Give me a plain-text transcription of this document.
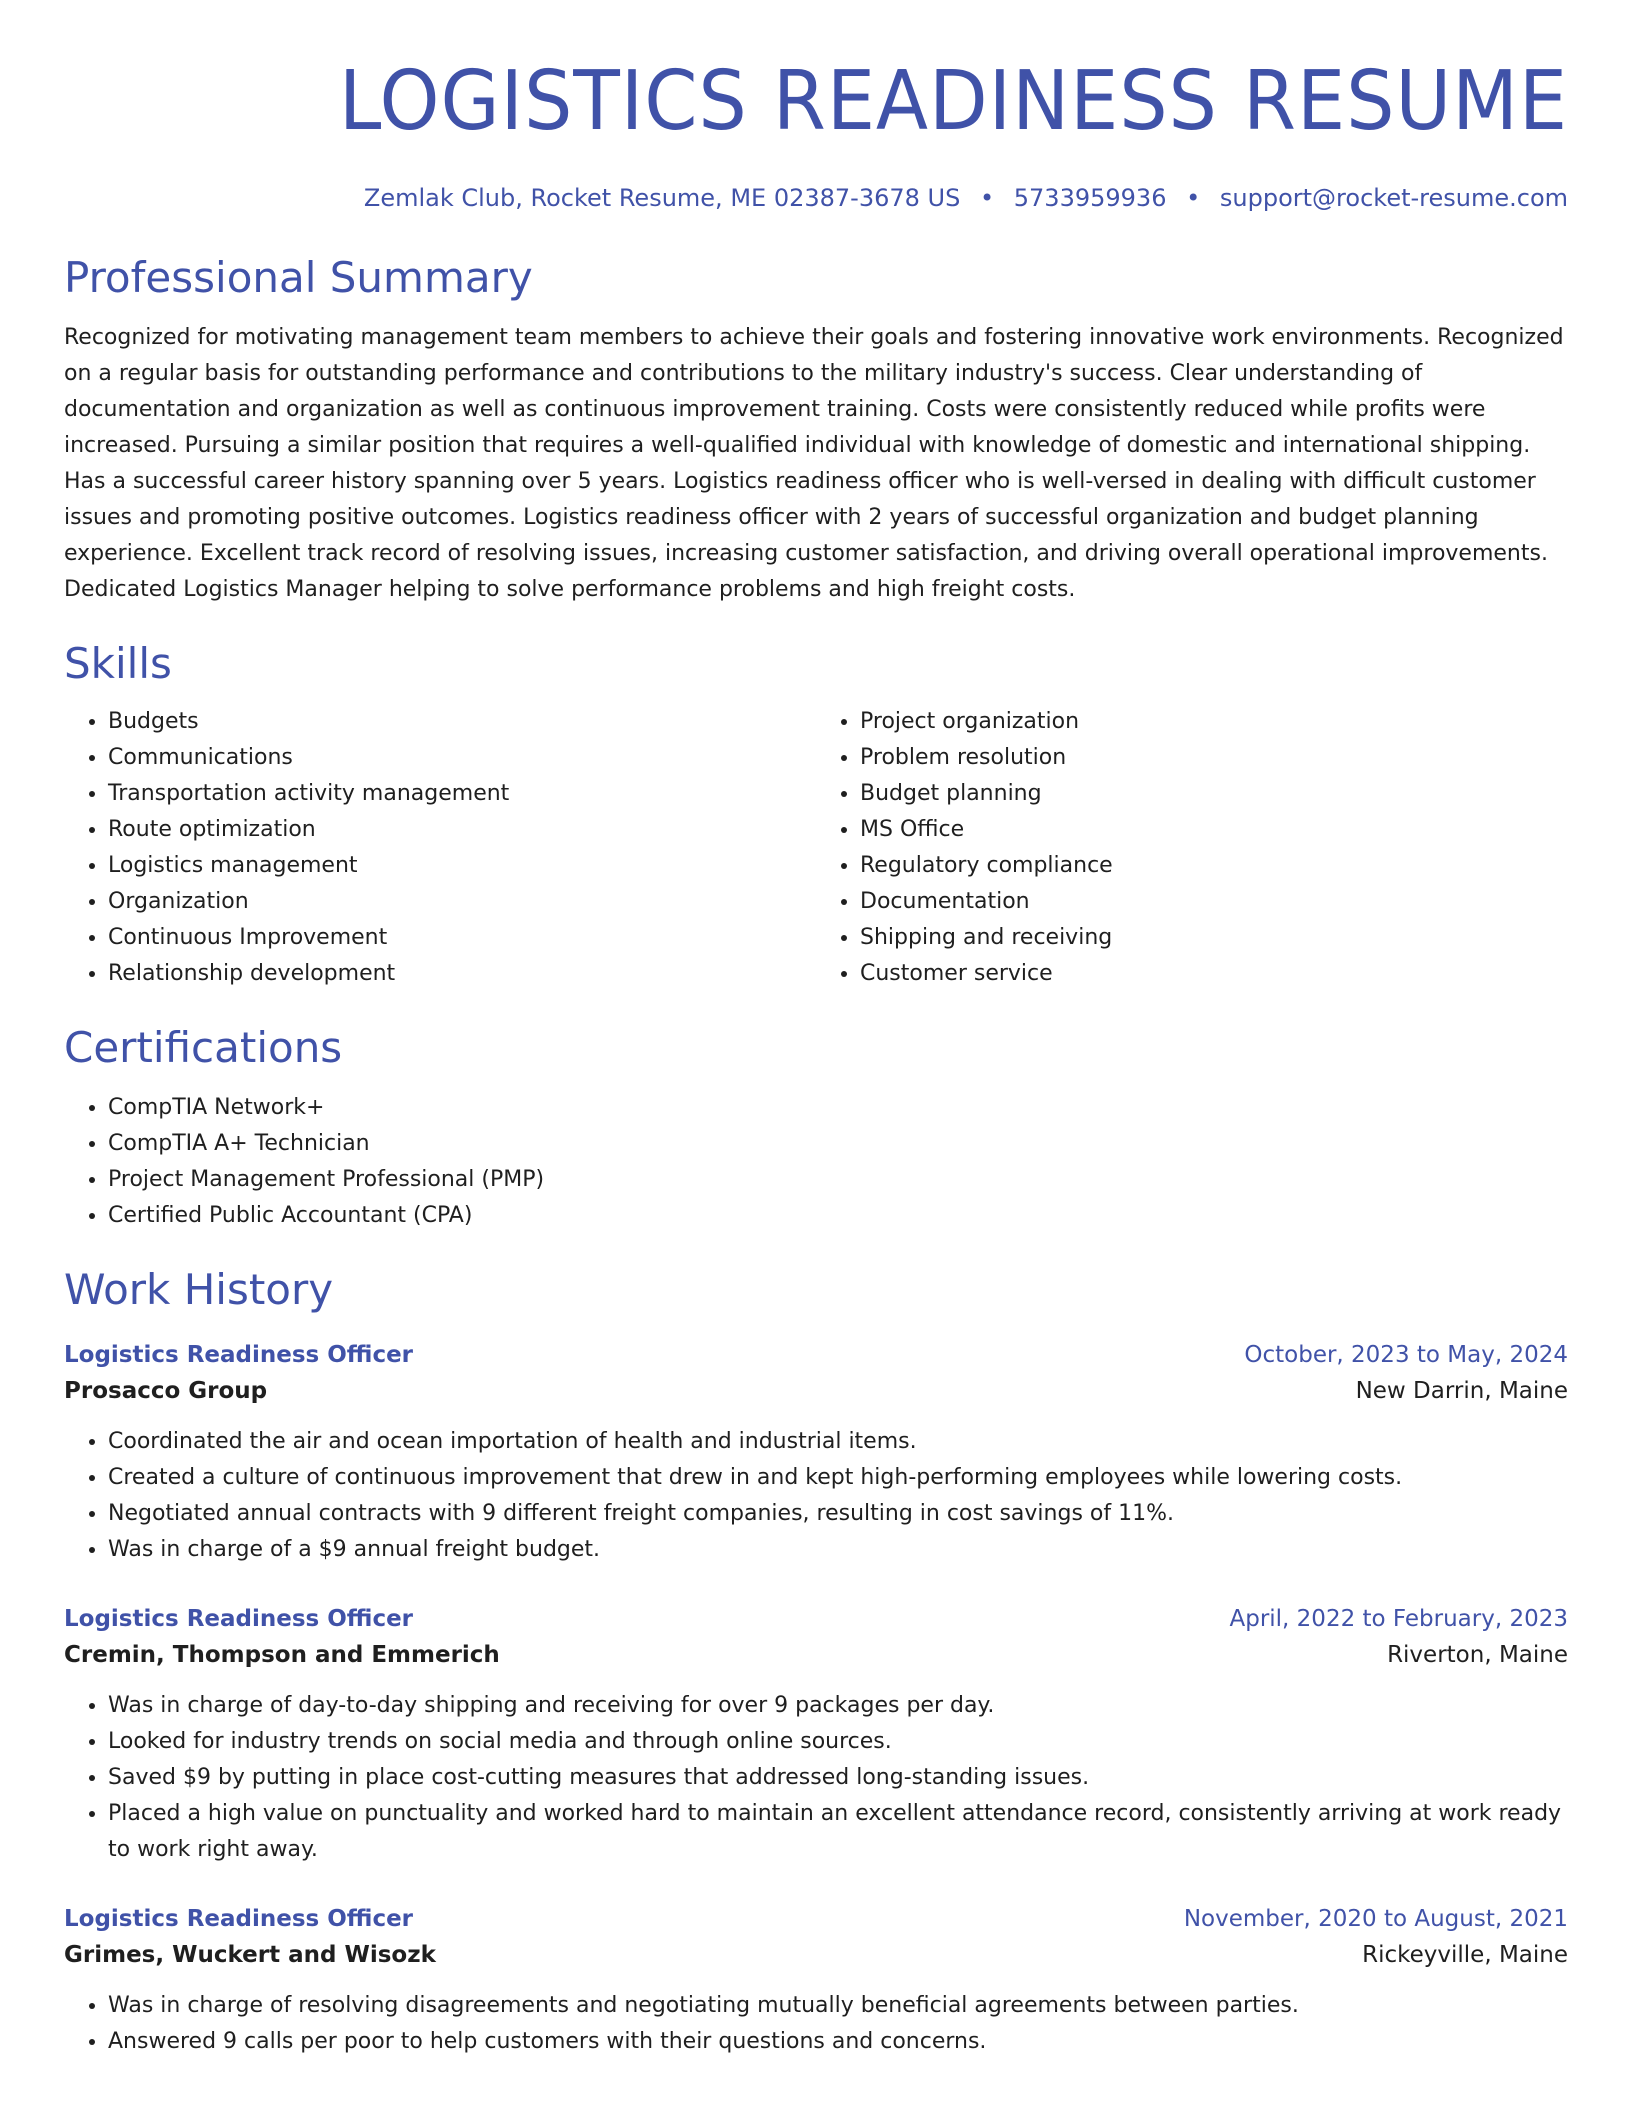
LOGISTICS READINESS RESUME
Zemlak Club, Rocket Resume, ME 02387-3678 US • 5733959936 • support@rocket-resume.com
Professional Summary

Recognized for motivating management team members to achieve their goals and fostering innovative work environments. Recognized on a regular basis for outstanding performance and contributions to the military industry's success. Clear understanding of documentation and organization as well as continuous improvement training. Costs were consistently reduced while profits were increased. Pursuing a similar position that requires a well-qualified individual with knowledge of domestic and international shipping. Has a successful career history spanning over 5 years. Logistics readiness officer who is well-versed in dealing with difficult customer issues and promoting positive outcomes. Logistics readiness officer with 2 years of successful organization and budget planning experience. Excellent track record of resolving issues, increasing customer satisfaction, and driving overall operational improvements. Dedicated Logistics Manager helping to solve performance problems and high freight costs.

Skills
• Budgets
• Communications
• Transportation activity management
• Route optimization
• Logistics management
• Organization
• Continuous Improvement
• Relationship development
• Project organization
• Problem resolution
• Budget planning
• MS Office
• Regulatory compliance
• Documentation
• Shipping and receiving
• Customer service
Certifications
• CompTIA Network+
• CompTIA A+ Technician
• Project Management Professional (PMP)
• Certified Public Accountant (CPA)
Work History
Logistics Readiness Officer	October, 2023 to May, 2024
Prosacco Group	New Darrin, Maine
• Coordinated the air and ocean importation of health and industrial items.
• Created a culture of continuous improvement that drew in and kept high-performing employees while lowering costs.
• Negotiated annual contracts with 9 different freight companies, resulting in cost savings of 11%.
• Was in charge of a $9 annual freight budget.
Logistics Readiness Officer	April, 2022 to February, 2023
Cremin, Thompson and Emmerich	Riverton, Maine
• Was in charge of day-to-day shipping and receiving for over 9 packages per day.
• Looked for industry trends on social media and through online sources.
• Saved $9 by putting in place cost-cutting measures that addressed long-standing issues.
• Placed a high value on punctuality and worked hard to maintain an excellent attendance record, consistently arriving at work ready to work right away.
Logistics Readiness Officer	November, 2020 to August, 2021
Grimes, Wuckert and Wisozk	Rickeyville, Maine
• Was in charge of resolving disagreements and negotiating mutually beneficial agreements between parties.
• Answered 9 calls per poor to help customers with their questions and concerns.
